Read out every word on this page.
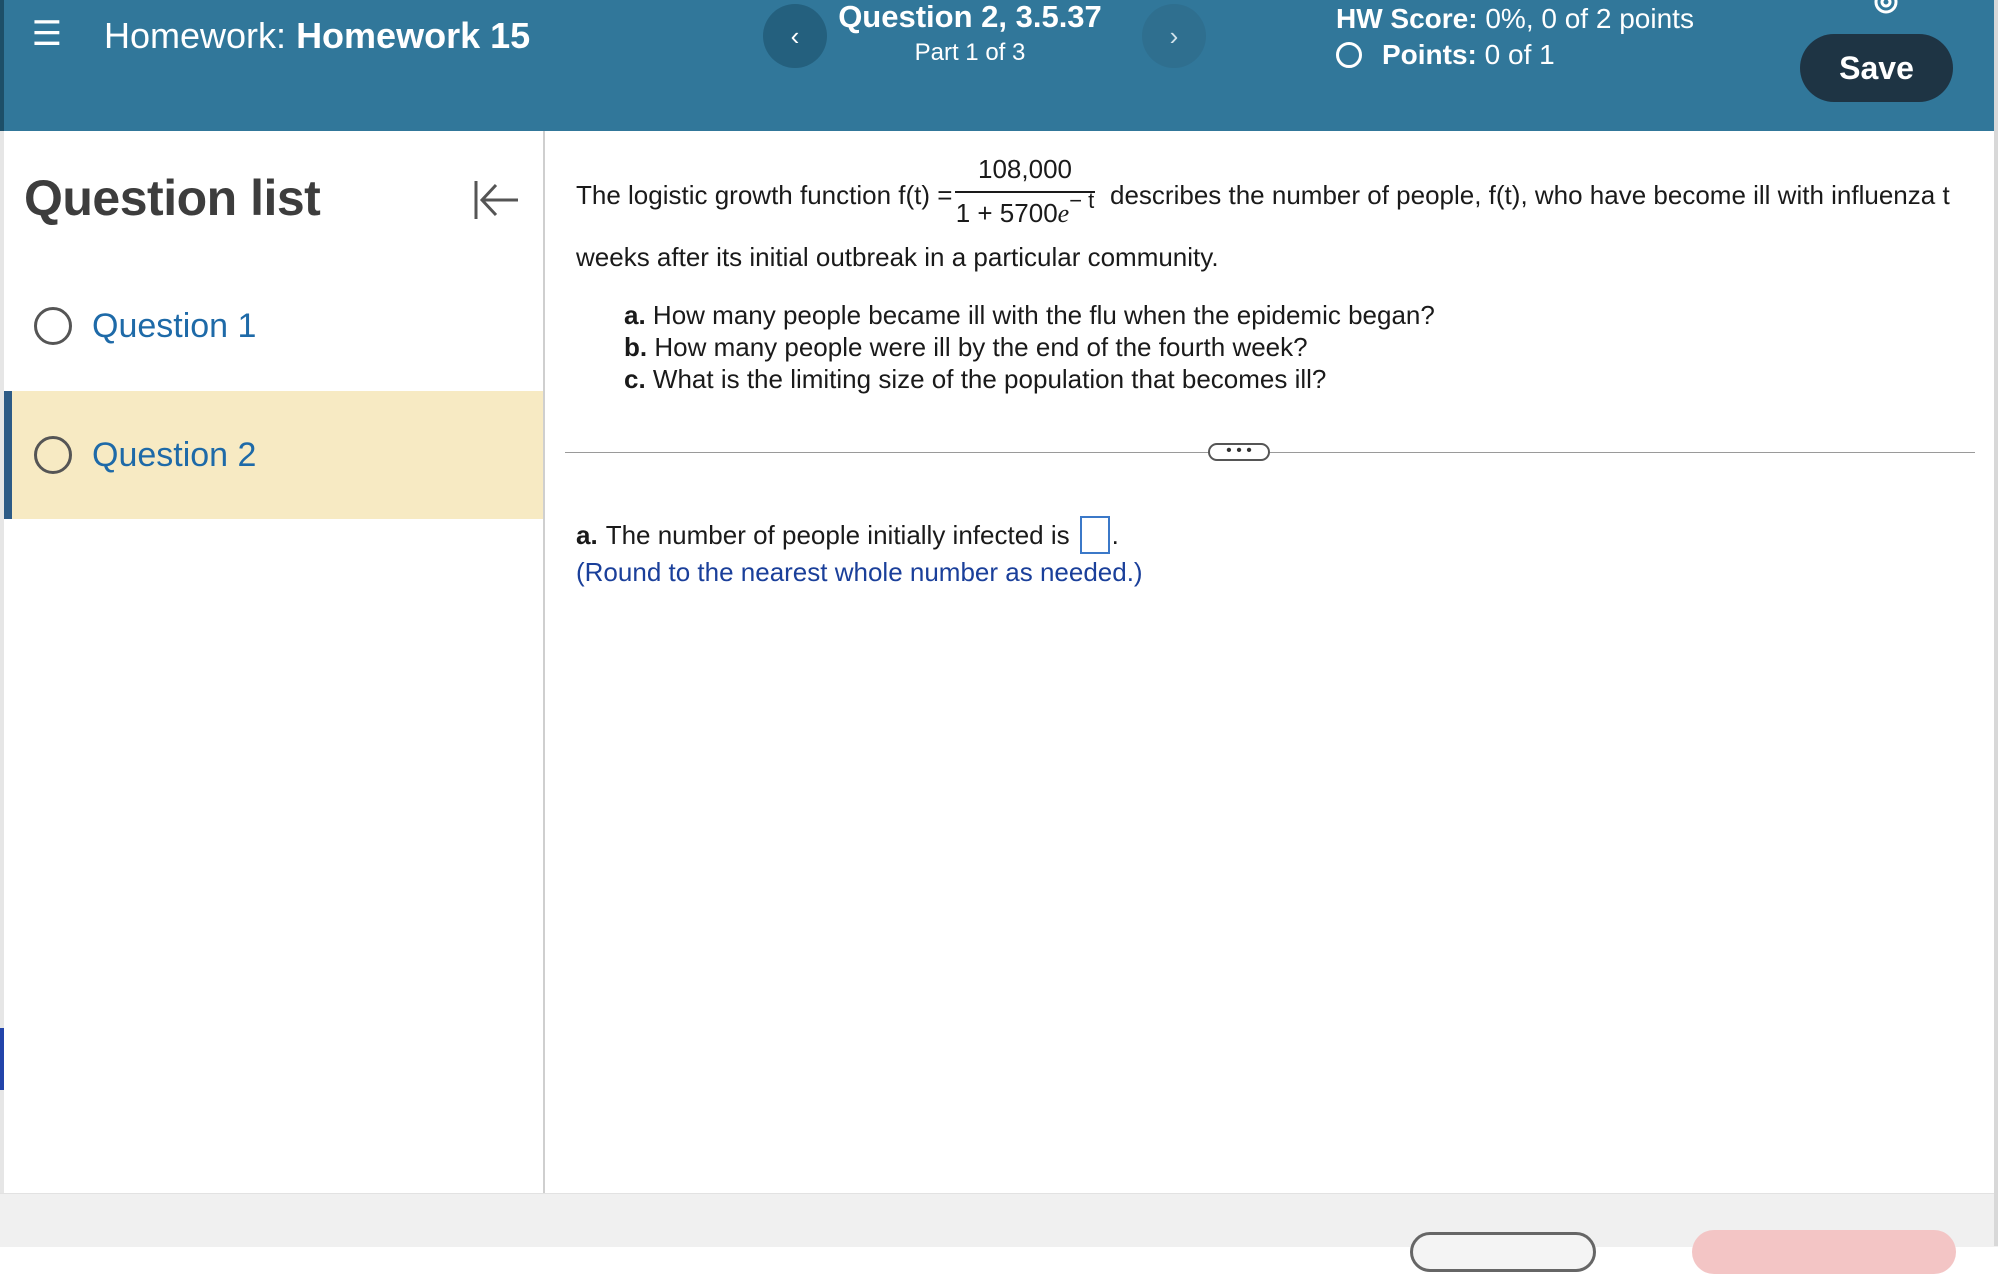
☰ Homework: Homework 15	‹
Question 2, 3.5.37
Part 1 of 3
›
HW Score: 0%, 0 of 2 points
Points:
0 of 1	Save
Question list
Question 1
Question 2
The logistic growth function f(t) =
108,000
$1 + 5700e^{- t}$ describes the number of people, f(t), who have become ill with influenza t
weeks after its initial outbreak in a particular community.
a. How many people became ill with the flu when the epidemic began?
b. How many people were ill by the end of the fourth week?
c. What is the limiting size of the population that becomes ill?
• • •
a. The number of people initially infected is .
(Round to the nearest whole number as needed.)
